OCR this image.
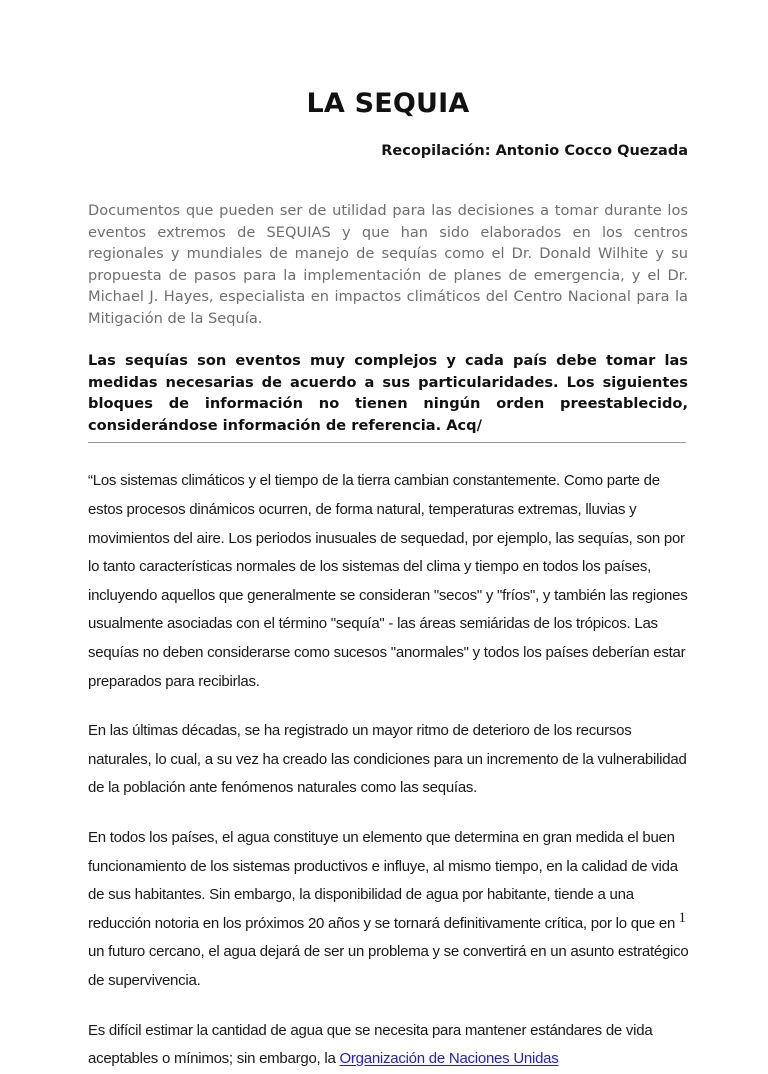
LA SEQUIA

Recopilación: Antonio Cocco Quezada

Documentos que pueden ser de utilidad para las decisiones a tomar durante los eventos extremos de SEQUIAS y que han sido elaborados en los centros regionales y mundiales de manejo de sequías como el Dr. Donald Wilhite y su propuesta de pasos para la implementación de planes de emergencia, y el Dr. Michael J. Hayes, especialista en impactos climáticos del Centro Nacional para la Mitigación de la Sequía.

Las sequías son eventos muy complejos y cada país debe tomar las medidas necesarias de acuerdo a sus particularidades. Los siguientes bloques de información no tienen ningún orden preestablecido, considerándose información de referencia. Acq/

“Los sistemas climáticos y el tiempo de la tierra cambian constantemente. Como parte de estos procesos dinámicos ocurren, de forma natural, temperaturas extremas, lluvias y movimientos del aire. Los periodos inusuales de sequedad, por ejemplo, las sequías, son por lo tanto características normales de los sistemas del clima y tiempo en todos los países, incluyendo aquellos que generalmente se consideran "secos" y "fríos", y también las regiones usualmente asociadas con el término "sequía" - las áreas semiáridas de los trópicos. Las sequías no deben considerarse como sucesos "anormales" y todos los países deberían estar preparados para recibirlas.

En las últimas décadas, se ha registrado un mayor ritmo de deterioro de los recursos naturales, lo cual, a su vez ha creado las condiciones para un incremento de la vulnerabilidad de la población ante fenómenos naturales como las sequías.

En todos los países, el agua constituye un elemento que determina en gran medida el buen funcionamiento de los sistemas productivos e influye, al mismo tiempo, en la calidad de vida de sus habitantes. Sin embargo, la disponibilidad de agua por habitante, tiende a una reducción notoria en los próximos 20 años y se tornará definitivamente crítica, por lo que en un futuro cercano, el agua dejará de ser un problema y se convertirá en un asunto estratégico de supervivencia.

Es difícil estimar la cantidad de agua que se necesita para mantener estándares de vida aceptables o mínimos; sin embargo, la Organización de Naciones Unidas

1
